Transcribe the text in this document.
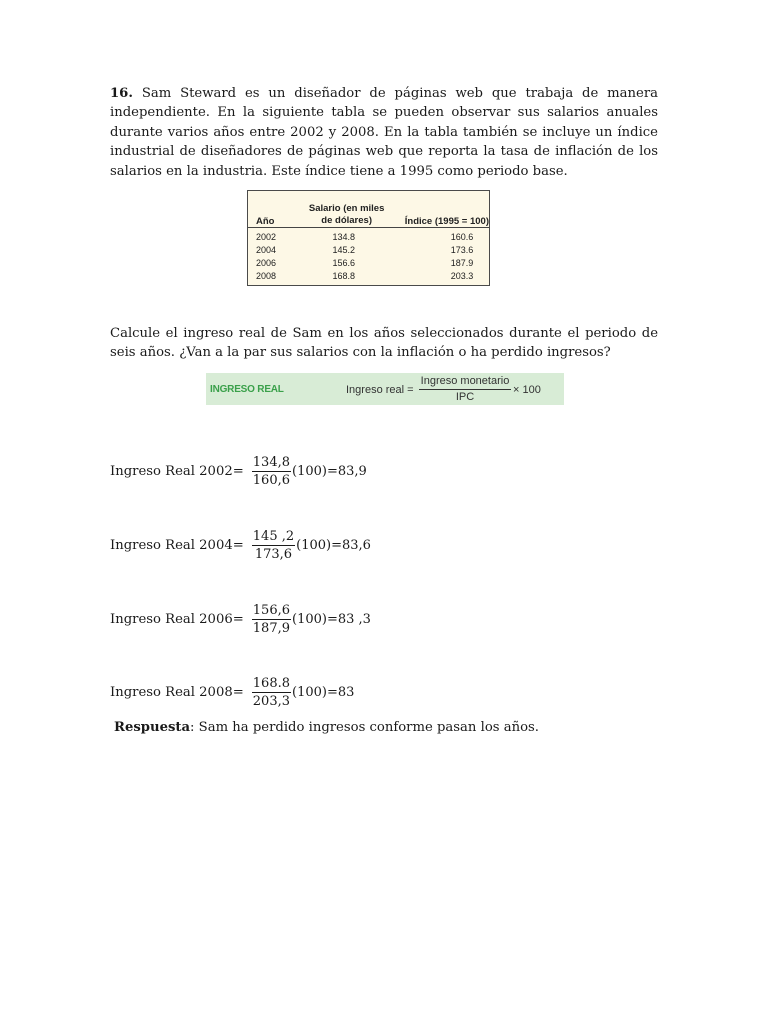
16. Sam Steward es un diseñador de páginas web que trabaja de manera independiente. En la siguiente tabla se pueden observar sus salarios anuales durante varios años entre 2002 y 2008. En la tabla también se incluye un índice industrial de diseñadores de páginas web que reporta la tasa de inflación de los salarios en la industria. Este índice tiene a 1995 como periodo base.

Año	Salario (en miles
de dólares)	Índice (1995 = 100)
2002	134.8	160.6
2004	145.2	173.6
2006	156.6	187.9
2008	168.8	203.3

Calcule el ingreso real de Sam en los años seleccionados durante el periodo de seis años. ¿Van a la par sus salarios con la inflación o ha perdido ingresos?

INGRESO REAL	Ingreso real =
Ingreso monetario
IPC
× 100
Ingreso Real $2002= \frac{134,8}{160,6} (100)=83,9$
Ingreso Real $2004= \frac{145 ,2}{173,6} (100)=83,6$
Ingreso Real $2006= \frac{156,6}{187,9} (100)=83$ ,3
Ingreso Real $2008= \frac{168.8}{203,3} (100)=83$
Respuesta: Sam ha perdido ingresos conforme pasan los años.
